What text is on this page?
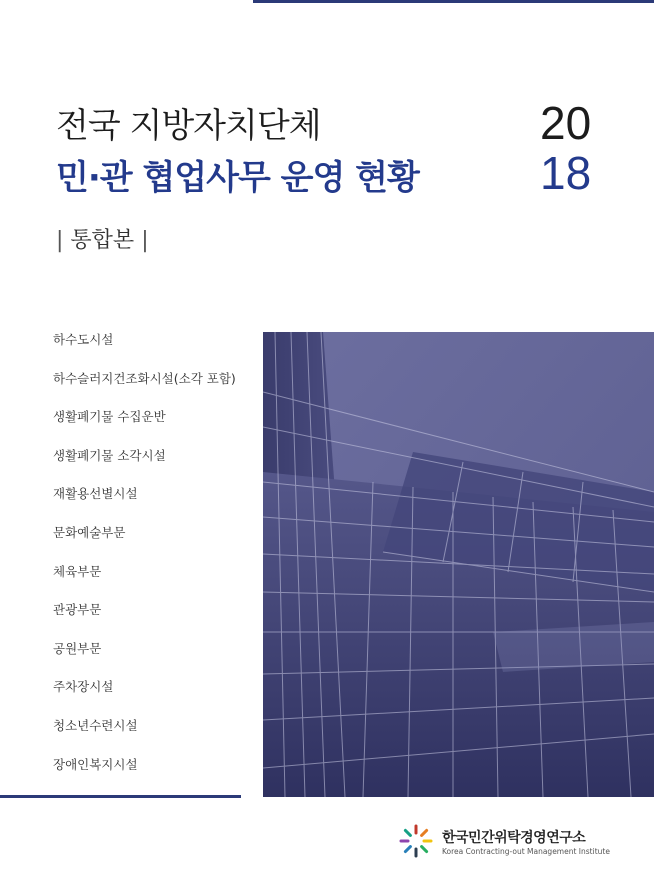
전국 지방자치단체
민·관 협업사무 운영 현황
20
18
| 통합본 |
하수도시설
하수슬러지건조화시설(소각 포함)
생활폐기물 수집운반
생활폐기물 소각시설
재활용선별시설
문화예술부문
체육부문
관광부문
공원부문
주차장시설
청소년수련시설
장애인복지시설
한국민간위탁경영연구소
Korea Contracting-out Management Institute
